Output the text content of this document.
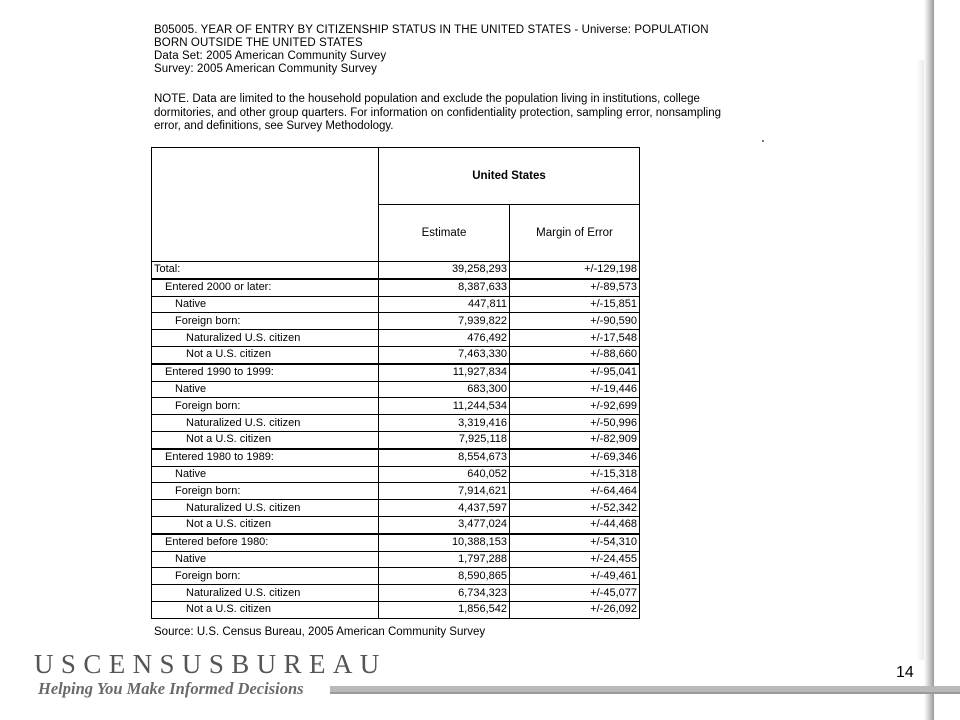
B05005. YEAR OF ENTRY BY CITIZENSHIP STATUS IN THE UNITED STATES - Universe: POPULATION
BORN OUTSIDE THE UNITED STATES
Data Set: 2005 American Community Survey
Survey: 2005 American Community Survey
NOTE. Data are limited to the household population and exclude the population living in institutions, college
dormitories, and other group quarters. For information on confidentiality protection, sampling error, nonsampling
error, and definitions, see Survey Methodology.
	United States	
	Estimate	Margin of Error
Total:	39,258,293	+/-129,198
Entered 2000 or later:	8,387,633	+/-89,573
Native	447,811	+/-15,851
Foreign born:	7,939,822	+/-90,590
Naturalized U.S. citizen	476,492	+/-17,548
Not a U.S. citizen	7,463,330	+/-88,660
Entered 1990 to 1999:	11,927,834	+/-95,041
Native	683,300	+/-19,446
Foreign born:	11,244,534	+/-92,699
Naturalized U.S. citizen	3,319,416	+/-50,996
Not a U.S. citizen	7,925,118	+/-82,909
Entered 1980 to 1989:	8,554,673	+/-69,346
Native	640,052	+/-15,318
Foreign born:	7,914,621	+/-64,464
Naturalized U.S. citizen	4,437,597	+/-52,342
Not a U.S. citizen	3,477,024	+/-44,468
Entered before 1980:	10,388,153	+/-54,310
Native	1,797,288	+/-24,455
Foreign born:	8,590,865	+/-49,461
Naturalized U.S. citizen	6,734,323	+/-45,077
Not a U.S. citizen	1,856,542	+/-26,092
Source: U.S. Census Bureau, 2005 American Community Survey
USCENSUSBUREAU
Helping You Make Informed Decisions
14
